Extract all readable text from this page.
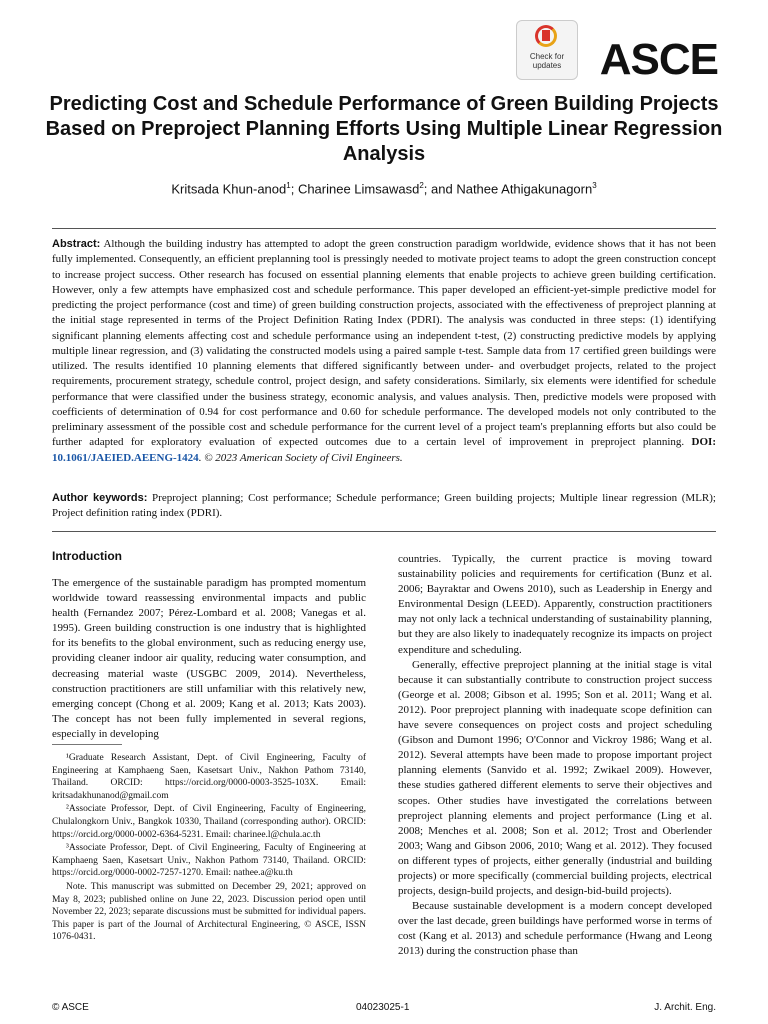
Check for updates ASCE
Predicting Cost and Schedule Performance of Green Building Projects Based on Preproject Planning Efforts Using Multiple Linear Regression Analysis
Kritsada Khun-anod$^1$; Charinee Limsawasd$^2$; and Nathee Athigakunagorn$^3$
Abstract: Although the building industry has attempted to adopt the green construction paradigm worldwide, evidence shows that it has not been fully implemented. Consequently, an efficient preplanning tool is pressingly needed to motivate project teams to adopt the green construction concept to increase project success. Other research has focused on essential planning elements that enable projects to achieve green building certification. However, only a few attempts have emphasized cost and schedule performance. This paper developed an efficient-yet-simple predictive model for predicting the project performance (cost and time) of green building construction projects, associated with the effectiveness of preproject planning at the initial stage represented in terms of the Project Definition Rating Index (PDRI). The analysis was conducted in three steps: (1) identifying significant planning elements affecting cost and schedule performance using an independent t-test, (2) constructing predictive models by applying multiple linear regression, and (3) validating the constructed models using a paired sample t-test. Sample data from 17 certified green buildings were utilized. The results identified 10 planning elements that differed significantly between under- and overbudget projects, related to the project requirements, procurement strategy, schedule control, project design, and safety considerations. Similarly, six elements were identified for schedule performance that were classified under the business strategy, economic analysis, and values analysis. Then, predictive models were proposed with coefficients of determination of 0.94 for cost performance and 0.60 for schedule performance. The developed models not only contributed to the preliminary assessment of the possible cost and schedule performance for the current level of a project team's preplanning efforts but also could be further adapted for exploratory evaluation of expected outcomes due to a certain level of improvement in preproject planning. DOI: 10.1061/JAEIED.AEENG-1424. © 2023 American Society of Civil Engineers.
Author keywords: Preproject planning; Cost performance; Schedule performance; Green building projects; Multiple linear regression (MLR); Project definition rating index (PDRI).
Introduction

The emergence of the sustainable paradigm has prompted momentum worldwide toward reassessing environmental impacts and public health (Fernandez 2007; Pérez-Lombard et al. 2008; Vanegas et al. 1995). Green building construction is one industry that is highlighted for its benefits to the global environment, such as reducing energy use, providing cleaner indoor air quality, reducing water consumption, and decreasing material waste (USGBC 2009, 2014). Nevertheless, construction practitioners are still unfamiliar with this relatively new, emerging concept (Chong et al. 2009; Kang et al. 2013; Kats 2003). The concept has not been fully implemented in several regions, especially in developing

¹Graduate Research Assistant, Dept. of Civil Engineering, Faculty of Engineering at Kamphaeng Saen, Kasetsart Univ., Nakhon Pathom 73140, Thailand. ORCID: https://orcid.org/0000-0003-3525-103X. Email: kritsadakhunanod@gmail.com

²Associate Professor, Dept. of Civil Engineering, Faculty of Engineering, Chulalongkorn Univ., Bangkok 10330, Thailand (corresponding author). ORCID: https://orcid.org/0000-0002-6364-5231. Email: charinee.l@chula.ac.th

³Associate Professor, Dept. of Civil Engineering, Faculty of Engineering at Kamphaeng Saen, Kasetsart Univ., Nakhon Pathom 73140, Thailand. ORCID: https://orcid.org/0000-0002-7257-1270. Email: nathee.a@ku.th

Note. This manuscript was submitted on December 29, 2021; approved on May 8, 2023; published online on June 22, 2023. Discussion period open until November 22, 2023; separate discussions must be submitted for individual papers. This paper is part of the Journal of Architectural Engineering, © ASCE, ISSN 1076-0431.

countries. Typically, the current practice is moving toward sustainability policies and requirements for certification (Bunz et al. 2006; Bayraktar and Owens 2010), such as Leadership in Energy and Environmental Design (LEED). Apparently, construction practitioners may not only lack a technical understanding of sustainability planning, but they are also likely to inadequately recognize its impacts on project expenditure and scheduling.

Generally, effective preproject planning at the initial stage is vital because it can substantially contribute to construction project success (George et al. 2008; Gibson et al. 1995; Son et al. 2011; Wang et al. 2012). Poor preproject planning with inadequate scope definition can have severe consequences on project costs and project scheduling (Gibson and Dumont 1996; O'Connor and Vickroy 1986; Wang et al. 2012). Several attempts have been made to propose important project planning elements (Sanvido et al. 1992; Zwikael 2009). However, these studies gathered different elements to serve their objectives and scopes. Other studies have investigated the correlations between preproject planning elements and project performance (Ling et al. 2008; Menches et al. 2008; Son et al. 2012; Trost and Oberlender 2003; Wang and Gibson 2006, 2010; Wang et al. 2012). They focused on different types of projects, either generally (industrial and building projects) or more specifically (commercial building projects, electrical projects, design-build projects, and design-bid-build projects).

Because sustainable development is a modern concept developed over the last decade, green buildings have performed worse in terms of cost (Kang et al. 2013) and schedule performance (Hwang and Leong 2013) during the construction phase than

© ASCE	04023025-1	J. Archit. Eng.
